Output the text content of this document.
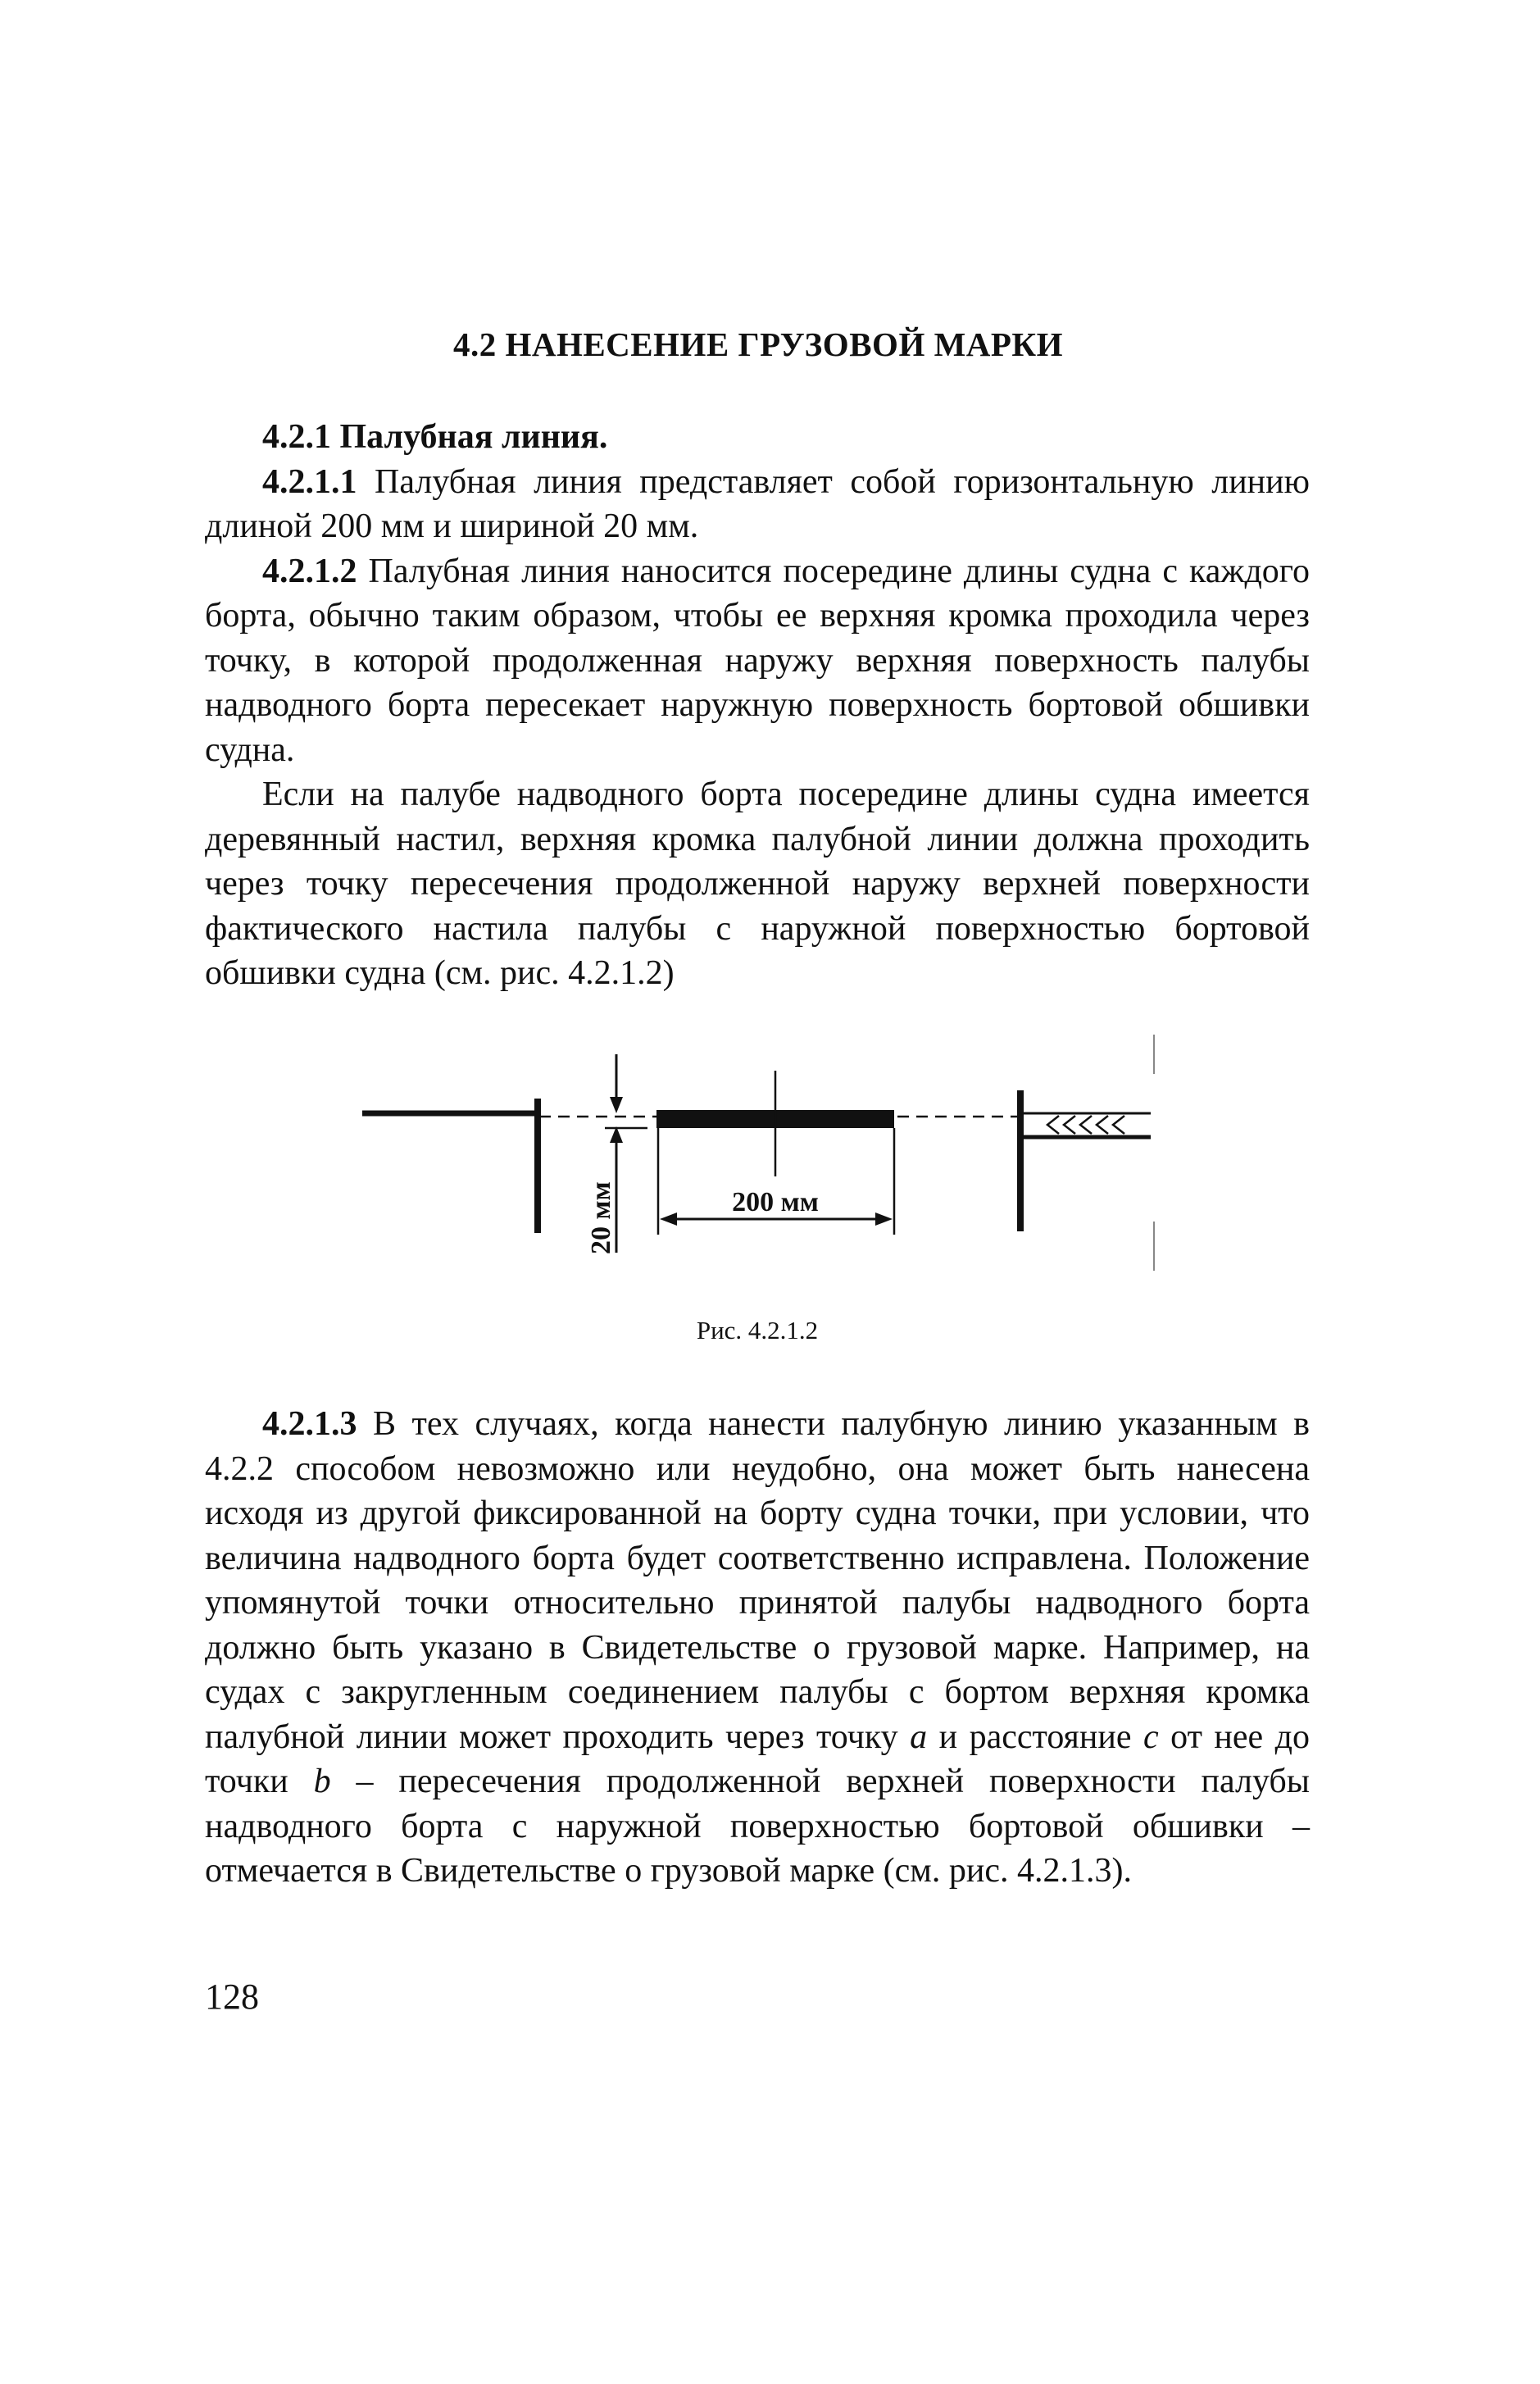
4.2 НАНЕСЕНИЕ ГРУЗОВОЙ МАРКИ

4.2.1 Палубная линия.

4.2.1.1 Палубная линия представляет собой горизонтальную линию длиной 200 мм и шириной 20 мм.

4.2.1.2 Палубная линия наносится посередине длины судна с каждого борта, обычно таким образом, чтобы ее верхняя кромка проходила через точку, в которой продолженная наружу верхняя поверхность палубы надводного борта пересекает наружную поверхность бортовой обшивки судна.

Если на палубе надводного борта посередине длины судна имеется деревянный настил, верхняя кромка палубной линии должна проходить через точку пересечения продолженной наружу верхней поверхности фактического настила палубы с наружной поверхностью бортовой обшивки судна (см. рис. 4.2.1.2)

20 мм	200 мм
Рис. 4.2.1.2

4.2.1.3 В тех случаях, когда нанести палубную линию указанным в 4.2.2 способом невозможно или неудобно, она может быть нанесена исходя из другой фиксированной на борту судна точки, при условии, что величина надводного борта будет соответственно исправлена. Положение упомянутой точки относительно принятой палубы надводного борта должно быть указано в Свидетельстве о грузовой марке. Например, на судах с закругленным соединением палубы с бортом верхняя кромка палубной линии может проходить через точку a и расстояние c от нее до точки b – пересечения продолженной верхней поверхности палубы надводного борта с наружной поверхностью бортовой обшивки – отмечается в Свидетельстве о грузовой марке (см. рис. 4.2.1.3).

128
